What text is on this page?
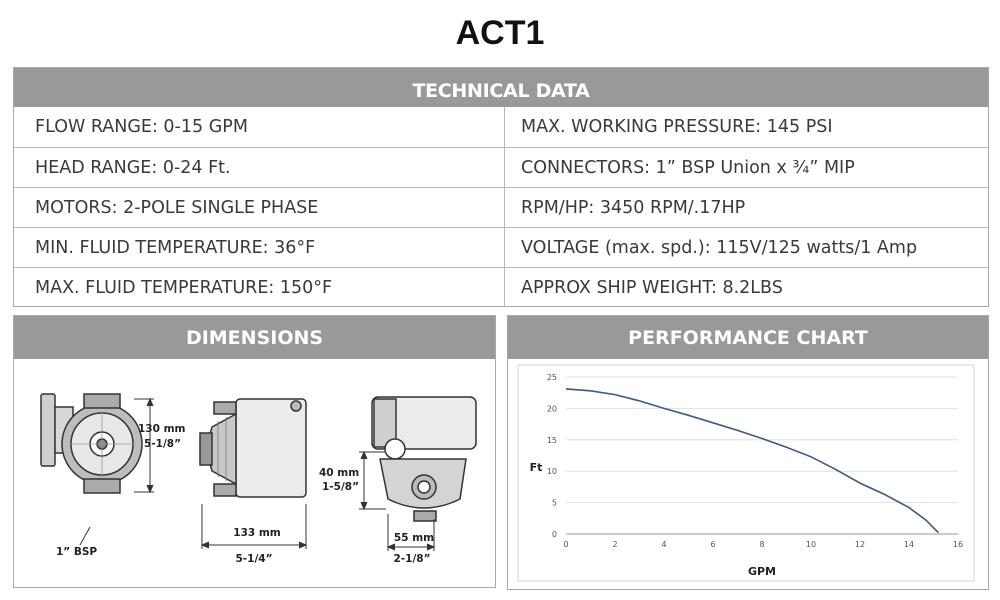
ACT1
TECHNICAL DATA
FLOW RANGE: 0-15 GPM	MAX. WORKING PRESSURE: 145 PSI
HEAD RANGE: 0-24 Ft.	CONNECTORS: 1” BSP Union x ¾” MIP
MOTORS: 2-POLE SINGLE PHASE	RPM/HP: 3450 RPM/.17HP
MIN. FLUID TEMPERATURE: 36°F	VOLTAGE (max. spd.): 115V/125 watts/1 Amp
MAX. FLUID TEMPERATURE: 150°F	APPROX SHIP WEIGHT: 8.2LBS
DIMENSIONS
130 mm
5-1/8”
1” BSP
133 mm
5-1/4”
40 mm
1-5/8”
55 mm
2-1/8”
PERFORMANCE CHART
0	2	4	6	8	10	12	14	16
0
5
10
15
20
25
Ft
GPM
